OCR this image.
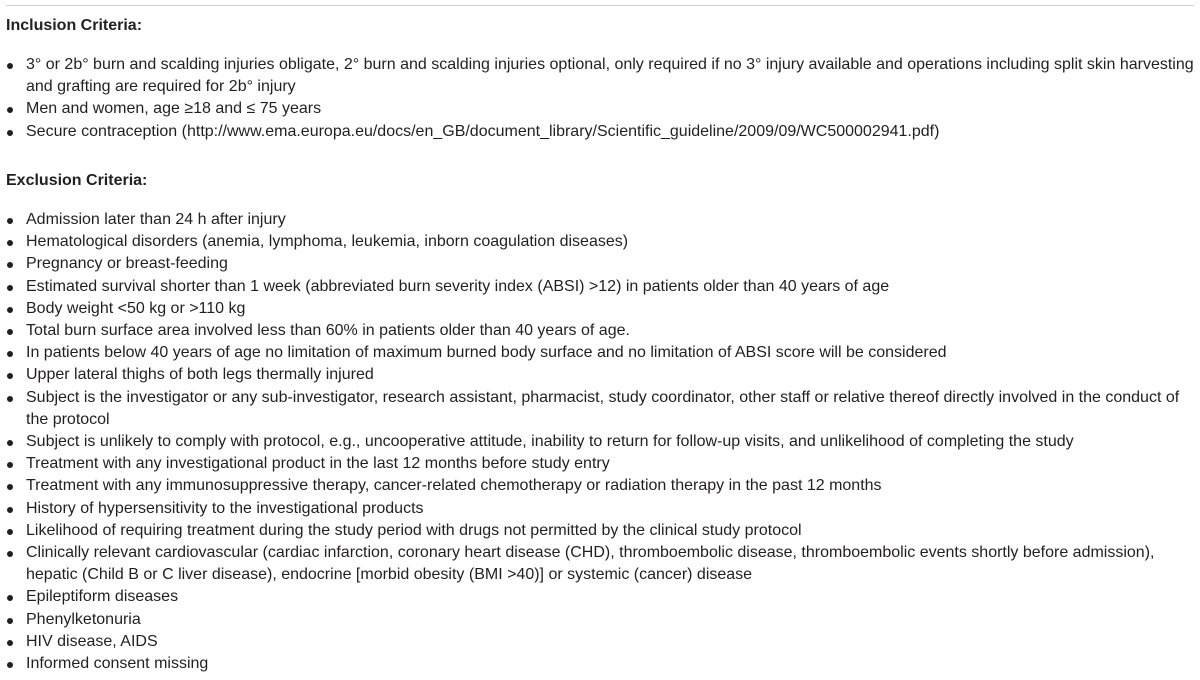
Inclusion Criteria:
3° or 2b° burn and scalding injuries obligate, 2° burn and scalding injuries optional, only required if no 3° injury available and operations including split skin harvesting and grafting are required for 2b° injury
Men and women, age ≥18 and ≤ 75 years
Secure contraception (http://www.ema.europa.eu/docs/en_GB/document_library/Scientific_guideline/2009/09/WC500002941.pdf)
Exclusion Criteria:
Admission later than 24 h after injury
Hematological disorders (anemia, lymphoma, leukemia, inborn coagulation diseases)
Pregnancy or breast-feeding
Estimated survival shorter than 1 week (abbreviated burn severity index (ABSI) >12) in patients older than 40 years of age
Body weight <50 kg or >110 kg
Total burn surface area involved less than 60% in patients older than 40 years of age.
In patients below 40 years of age no limitation of maximum burned body surface and no limitation of ABSI score will be considered
Upper lateral thighs of both legs thermally injured
Subject is the investigator or any sub-investigator, research assistant, pharmacist, study coordinator, other staff or relative thereof directly involved in the conduct of the protocol
Subject is unlikely to comply with protocol, e.g., uncooperative attitude, inability to return for follow-up visits, and unlikelihood of completing the study
Treatment with any investigational product in the last 12 months before study entry
Treatment with any immunosuppressive therapy, cancer-related chemotherapy or radiation therapy in the past 12 months
History of hypersensitivity to the investigational products
Likelihood of requiring treatment during the study period with drugs not permitted by the clinical study protocol
Clinically relevant cardiovascular (cardiac infarction, coronary heart disease (CHD), thromboembolic disease, thromboembolic events shortly before admission), hepatic (Child B or C liver disease), endocrine [morbid obesity (BMI >40)] or systemic (cancer) disease
Epileptiform diseases
Phenylketonuria
HIV disease, AIDS
Informed consent missing
